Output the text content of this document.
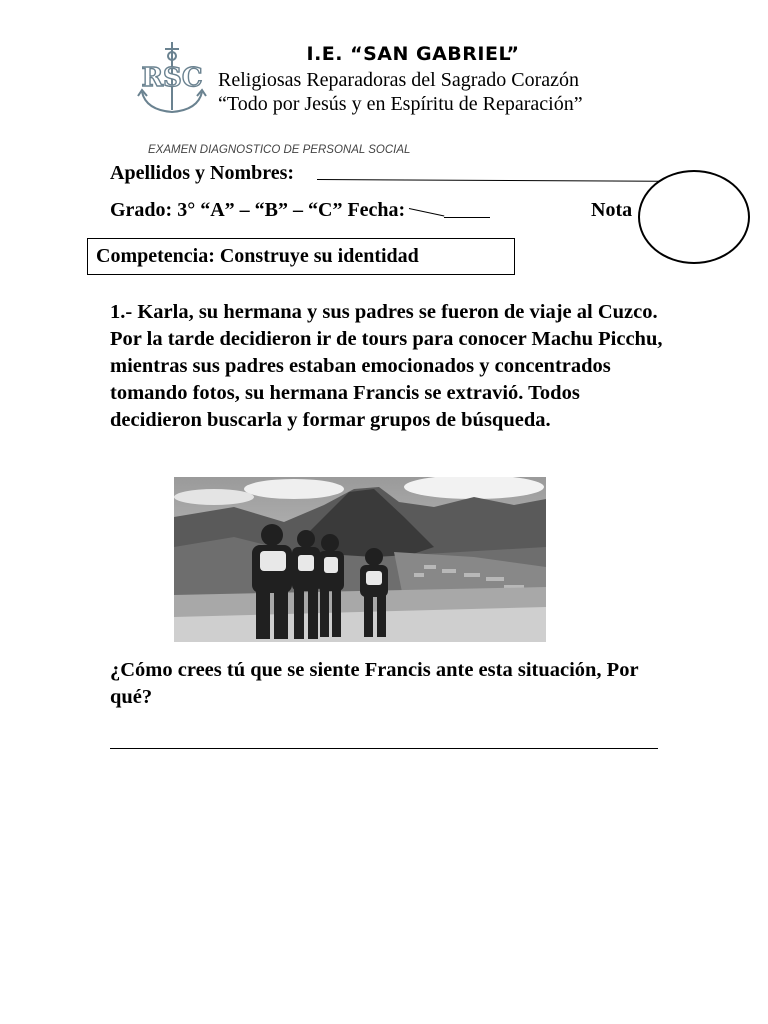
RSC
I.E. “SAN GABRIEL”
Religiosas Reparadoras del Sagrado Corazón
“Todo por Jesús y en Espíritu de Reparación”
EXAMEN DIAGNOSTICO DE PERSONAL SOCIAL
Apellidos y Nombres:
Grado: 3° “A” – “B” – “C” Fecha:	Nota
Competencia: Construye su identidad
1.- Karla, su hermana y sus padres se fueron de viaje al Cuzco. Por la tarde decidieron ir de tours para conocer Machu Picchu, mientras sus padres estaban emocionados y concentrados tomando fotos, su hermana Francis se extravió. Todos decidieron buscarla y formar grupos de búsqueda.
¿Cómo crees tú que se siente Francis ante esta situación, Por qué?
